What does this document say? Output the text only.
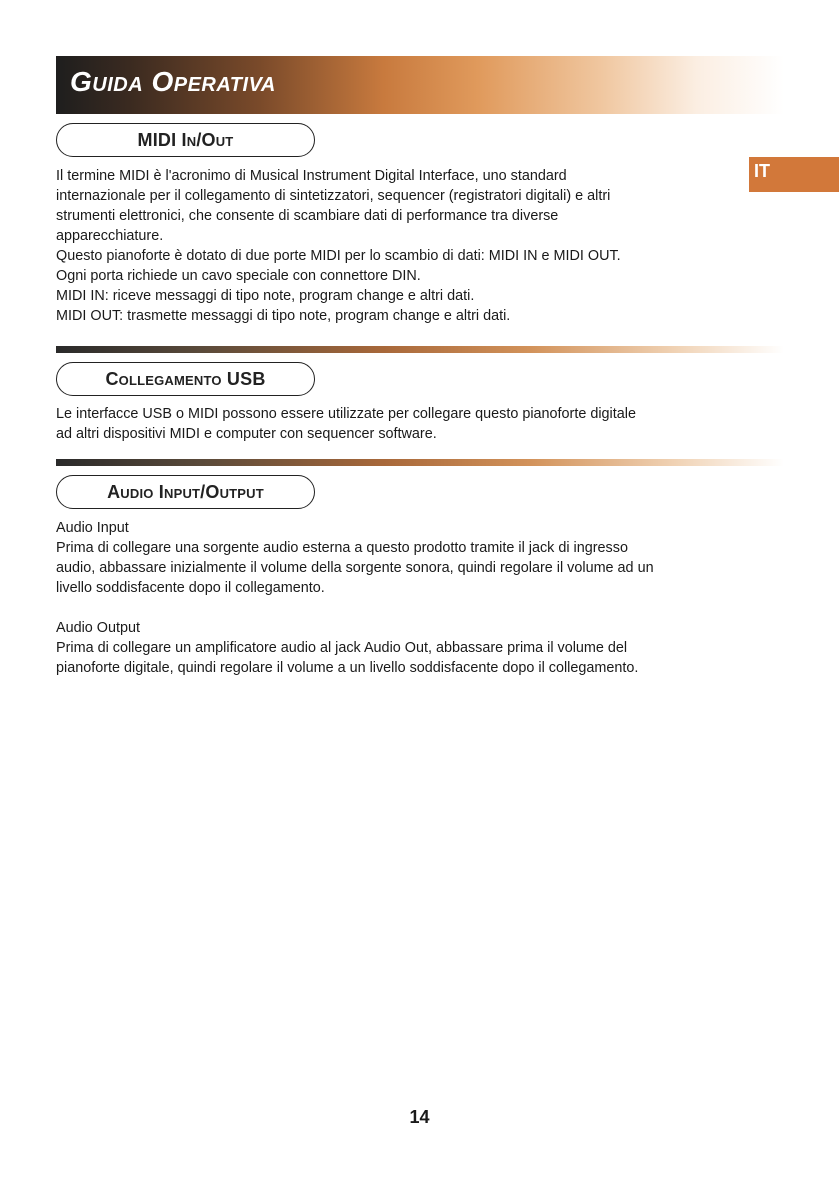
Guida Operativa
IT
MIDI In/Out

Il termine MIDI è l'acronimo di Musical Instrument Digital Interface, uno standard

internazionale per il collegamento di sintetizzatori, sequencer (registratori digitali) e altri

strumenti elettronici, che consente di scambiare dati di performance tra diverse

apparecchiature.

Questo pianoforte è dotato di due porte MIDI per lo scambio di dati: MIDI IN e MIDI OUT.

Ogni porta richiede un cavo speciale con connettore DIN.

MIDI IN: riceve messaggi di tipo note, program change e altri dati.

MIDI OUT: trasmette messaggi di tipo note, program change e altri dati.

Collegamento USB

Le interfacce USB o MIDI possono essere utilizzate per collegare questo pianoforte digitale

ad altri dispositivi MIDI e computer con sequencer software.

Audio Input/Output

Audio Input

Prima di collegare una sorgente audio esterna a questo prodotto tramite il jack di ingresso

audio, abbassare inizialmente il volume della sorgente sonora, quindi regolare il volume ad un

livello soddisfacente dopo il collegamento.

Audio Output

Prima di collegare un amplificatore audio al jack Audio Out, abbassare prima il volume del

pianoforte digitale, quindi regolare il volume a un livello soddisfacente dopo il collegamento.

14
